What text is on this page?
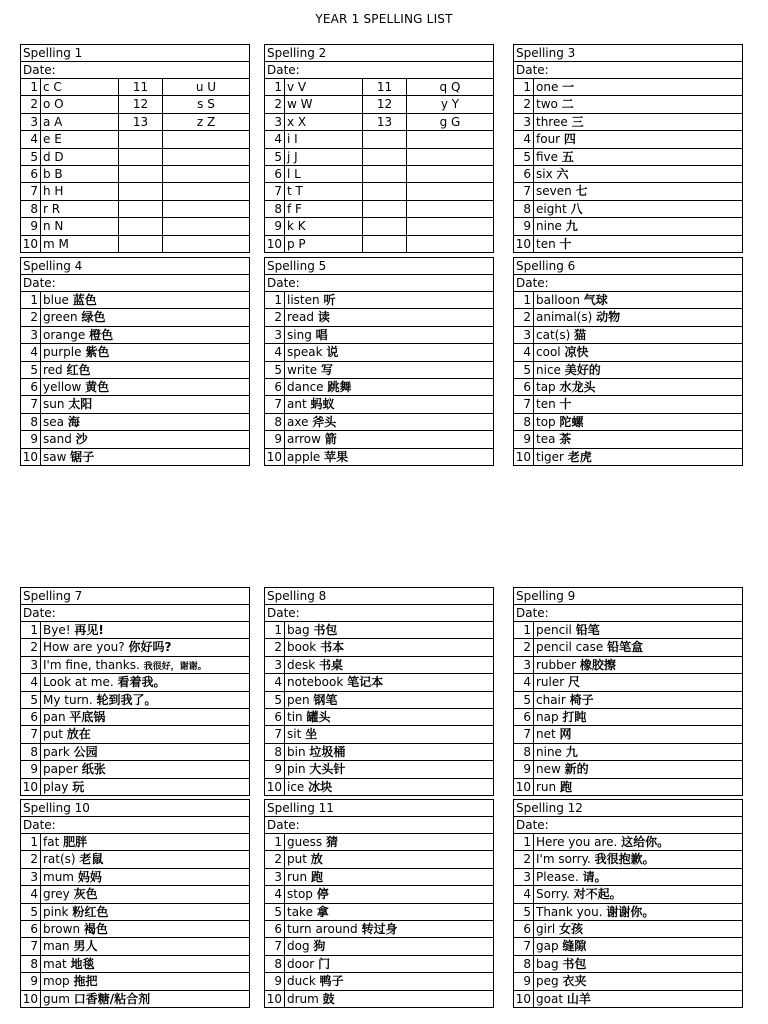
YEAR 1 SPELLING LIST
Spelling 1
Date:
1 c C	11	u U
2 o O	12	s S
3 a A	13	z Z
4 e E
5 d D
6 b B
7 h H
8 r R
9 n N
10 m M
Spelling 2
Date:
1 v V	11	q Q
2 w W	12	y Y
3 x X	13	g G
4 i I
5 j J
6 l L
7 t T
8 f F
9 k K
10 p P
Spelling 3
Date:
1 one 一
2 two 二
3 three 三
4 four 四
5 five 五
6 six 六
7 seven 七
8 eight 八
9 nine 九
10 ten 十
Spelling 4
Date:
1 blue 蓝色
2 green 绿色
3 orange 橙色
4 purple 紫色
5 red 红色
6 yellow 黄色
7 sun 太阳
8 sea 海
9 sand 沙
10 saw 锯子
Spelling 5
Date:
1 listen 听
2 read 读
3 sing 唱
4 speak 说
5 write 写
6 dance 跳舞
7 ant 蚂蚁
8 axe 斧头
9 arrow 箭
10 apple 苹果
Spelling 6
Date:
1 balloon 气球
2 animal(s) 动物
3 cat(s) 猫
4 cool 凉快
5 nice 美好的
6 tap 水龙头
7 ten 十
8 top 陀螺
9 tea 茶
10 tiger 老虎
Spelling 7
Date:
1 Bye! 再见!
2 How are you? 你好吗?
3 I'm fine, thanks. 我很好，谢谢。
4 Look at me. 看着我。
5 My turn. 轮到我了。
6 pan 平底锅
7 put 放在
8 park 公园
9 paper 纸张
10 play 玩
Spelling 8
Date:
1 bag 书包
2 book 书本
3 desk 书桌
4 notebook 笔记本
5 pen 钢笔
6 tin 罐头
7 sit 坐
8 bin 垃圾桶
9 pin 大头针
10 ice 冰块
Spelling 9
Date:
1 pencil 铅笔
2 pencil case 铅笔盒
3 rubber 橡胶擦
4 ruler 尺
5 chair 椅子
6 nap 打盹
7 net 网
8 nine 九
9 new 新的
10 run 跑
Spelling 10
Date:
1 fat 肥胖
2 rat(s) 老鼠
3 mum 妈妈
4 grey 灰色
5 pink 粉红色
6 brown 褐色
7 man 男人
8 mat 地毯
9 mop 拖把
10 gum 口香糖/粘合剂
Spelling 11
Date:
1 guess 猜
2 put 放
3 run 跑
4 stop 停
5 take 拿
6 turn around 转过身
7 dog 狗
8 door 门
9 duck 鸭子
10 drum 鼓
Spelling 12
Date:
1 Here you are. 这给你。
2 I'm sorry. 我很抱歉。
3 Please. 请。
4 Sorry. 对不起。
5 Thank you. 谢谢你。
6 girl 女孩
7 gap 缝隙
8 bag 书包
9 peg 衣夹
10 goat 山羊
